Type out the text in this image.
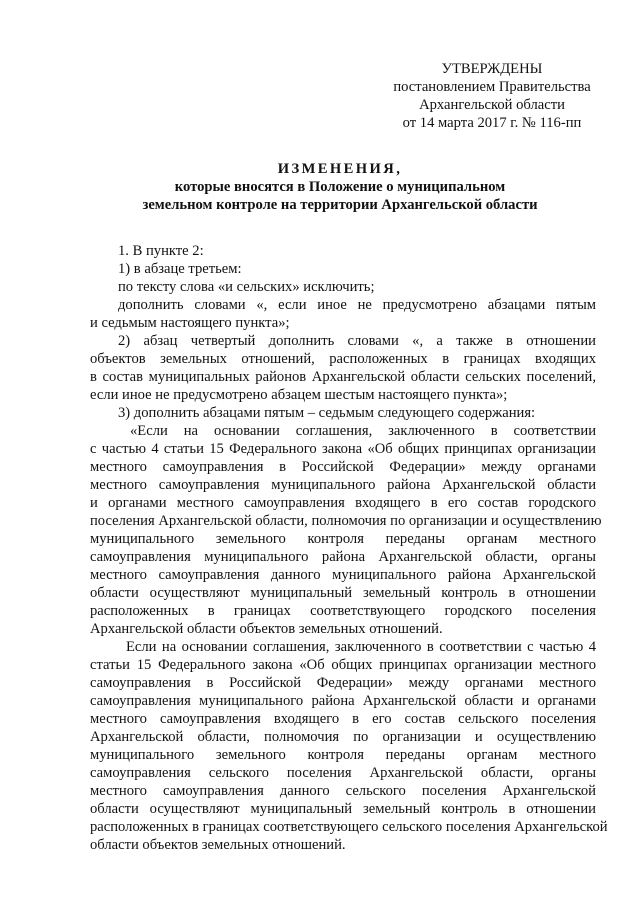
УТВЕРЖДЕНЫ
постановлением Правительства
Архангельской области
от 14 марта 2017 г. № 116-пп
ИЗМЕНЕНИЯ,
которые вносятся в Положение о муниципальном
земельном контроле на территории Архангельской области
1. В пункте 2:
1) в абзаце третьем:
по тексту слова «и сельских» исключить;
дополнить словами «, если иное не предусмотрено абзацами пятым
и седьмым настоящего пункта»;
2) абзац четвертый дополнить словами «, а также в отношении
объектов земельных отношений, расположенных в границах входящих
в состав муниципальных районов Архангельской области сельских поселений,
если иное не предусмотрено абзацем шестым настоящего пункта»;
3) дополнить абзацами пятым – седьмым следующего содержания:
«Если на основании соглашения, заключенного в соответствии
с частью 4 статьи 15 Федерального закона «Об общих принципах организации
местного самоуправления в Российской Федерации» между органами
местного самоуправления муниципального района Архангельской области
и органами местного самоуправления входящего в его состав городского
поселения Архангельской области, полномочия по организации и осуществлению
муниципального земельного контроля переданы органам местного
самоуправления муниципального района Архангельской области, органы
местного самоуправления данного муниципального района Архангельской
области осуществляют муниципальный земельный контроль в отношении
расположенных в границах соответствующего городского поселения
Архангельской области объектов земельных отношений.
Если на основании соглашения, заключенного в соответствии с частью 4
статьи 15 Федерального закона «Об общих принципах организации местного
самоуправления в Российской Федерации» между органами местного
самоуправления муниципального района Архангельской области и органами
местного самоуправления входящего в его состав сельского поселения
Архангельской области, полномочия по организации и осуществлению
муниципального земельного контроля переданы органам местного
самоуправления сельского поселения Архангельской области, органы
местного самоуправления данного сельского поселения Архангельской
области осуществляют муниципальный земельный контроль в отношении
расположенных в границах соответствующего сельского поселения Архангельской
области объектов земельных отношений.
